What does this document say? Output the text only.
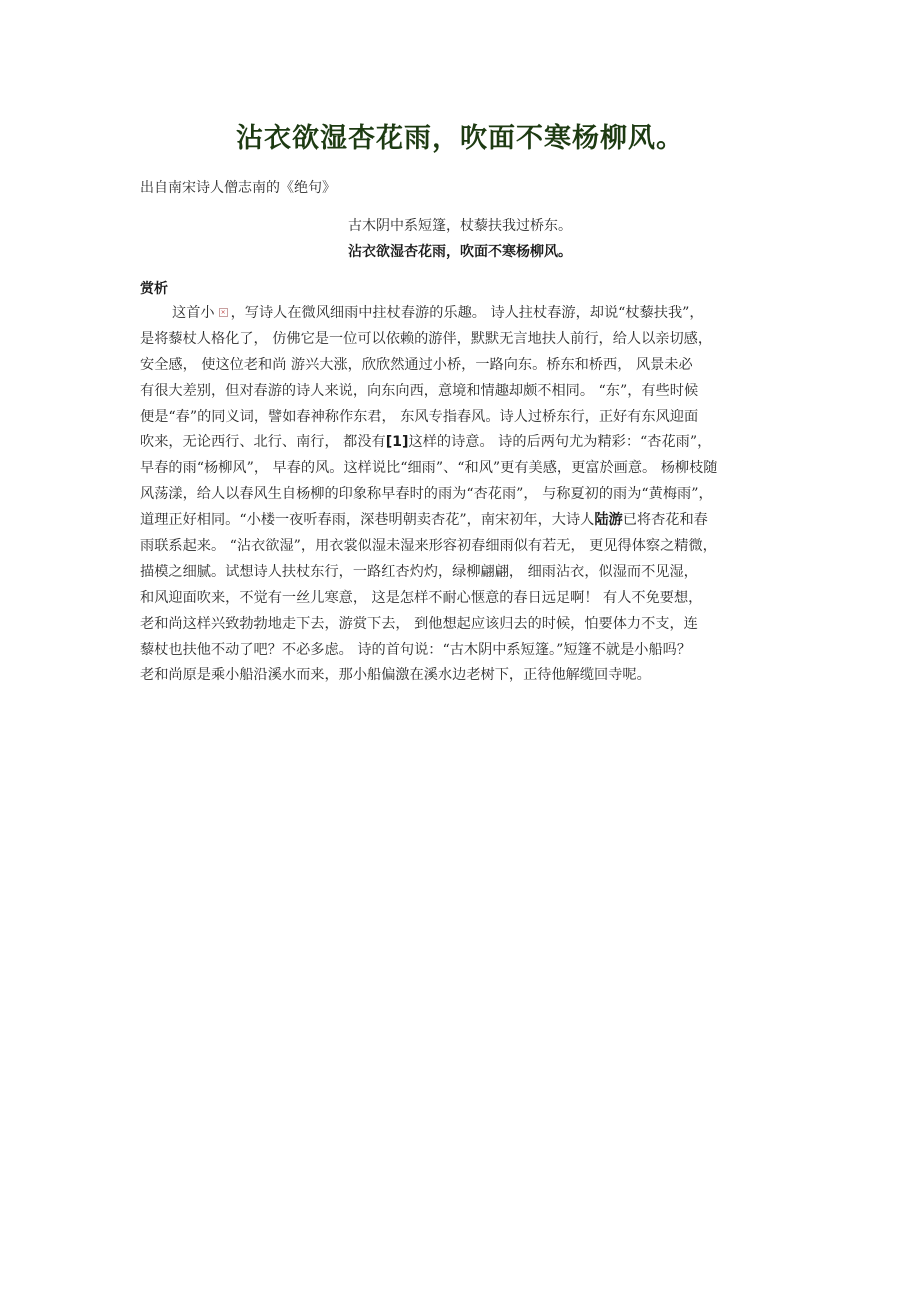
沾衣欲湿杏花雨，吹面不寒杨柳风。
出自南宋诗人僧志南的《绝句》
古木阴中系短篷，杖藜扶我过桥东。
沾衣欲湿杏花雨，吹面不寒杨柳风。
赏析
这首小 × ，写诗人在微风细雨中拄杖春游的乐趣。 诗人拄杖春游，却说“杖藜扶我”，
是将藜杖人格化了， 仿佛它是一位可以依赖的游伴，默默无言地扶人前行，给人以亲切感，
安全感， 使这位老和尚 游兴大涨，欣欣然通过小桥，一路向东。桥东和桥西， 风景未必
有很大差别，但对春游的诗人来说，向东向西，意境和情趣却颇不相同。 “东”，有些时候
便是“春”的同义词，譬如春神称作东君， 东风专指春风。诗人过桥东行，正好有东风迎面
吹来，无论西行、北行、南行， 都没有[1]这样的诗意。 诗的后两句尤为精彩：“杏花雨”，
早春的雨“杨柳风”， 早春的风。这样说比“细雨”、“和风”更有美感，更富於画意。 杨柳枝随
风荡漾，给人以春风生自杨柳的印象称早春时的雨为“杏花雨”， 与称夏初的雨为“黄梅雨”，
道理正好相同。“小楼一夜听春雨，深巷明朝卖杏花”，南宋初年，大诗人陆游已将杏花和春
雨联系起来。 “沾衣欲湿”，用衣裳似湿未湿来形容初春细雨似有若无， 更见得体察之精微，
描模之细腻。试想诗人扶杖东行，一路红杏灼灼，绿柳翩翩， 细雨沾衣，似湿而不见湿，
和风迎面吹来，不觉有一丝儿寒意， 这是怎样不耐心惬意的春日远足啊！ 有人不免要想，
老和尚这样兴致勃勃地走下去，游赏下去， 到他想起应该归去的时候，怕要体力不支，连
藜杖也扶他不动了吧？不必多虑。 诗的首句说：“古木阴中系短篷。”短篷不就是小船吗？
老和尚原是乘小船沿溪水而来，那小船偏激在溪水边老树下，正待他解缆回寺呢。
